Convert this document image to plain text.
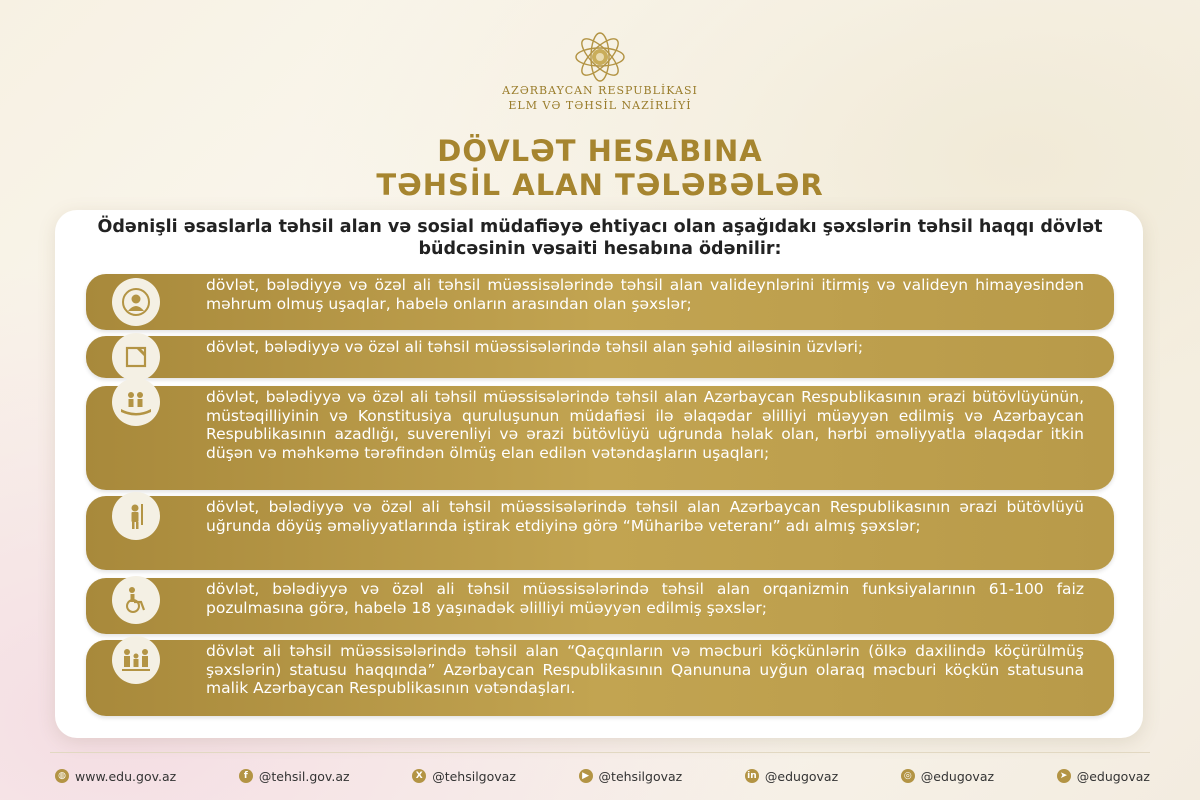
AZƏRBAYCAN RESPUBLİKASI
ELM VƏ TƏHSİL NAZİRLİYİ
DÖVLƏT HESABINA
TƏHSİL ALAN TƏLƏBƏLƏR
Ödənişli əsaslarla təhsil alan və sosial müdafiəyə ehtiyacı olan aşağıdakı şəxslərin təhsil haqqı dövlət büdcəsinin vəsaiti hesabına ödənilir:
dövlət, bələdiyyə və özəl ali təhsil müəssisələrində təhsil alan valideynlərini itirmiş və valideyn himayəsindən məhrum olmuş uşaqlar, habelə onların arasından olan şəxslər;
dövlət, bələdiyyə və özəl ali təhsil müəssisələrində təhsil alan şəhid ailəsinin üzvləri;
dövlət, bələdiyyə və özəl ali təhsil müəssisələrində təhsil alan Azərbaycan Respublikasının ərazi bütövlüyünün, müstəqilliyinin və Konstitusiya quruluşunun müdafiəsi ilə əlaqədar əlilliyi müəyyən edilmiş və Azərbaycan Respublikasının azadlığı, suverenliyi və ərazi bütövlüyü uğrunda həlak olan, hərbi əməliyyatla əlaqədar itkin düşən və məhkəmə tərəfindən ölmüş elan edilən vətəndaşların uşaqları;
dövlət, bələdiyyə və özəl ali təhsil müəssisələrində təhsil alan Azərbaycan Respublikasının ərazi bütövlüyü uğrunda döyüş əməliyyatlarında iştirak etdiyinə görə “Müharibə veteranı” adı almış şəxslər;
dövlət, bələdiyyə və özəl ali təhsil müəssisələrində təhsil alan orqanizmin funksiyalarının 61-100 faiz pozulmasına görə, habelə 18 yaşınadək əlilliyi müəyyən edilmiş şəxslər;
dövlət ali təhsil müəssisələrində təhsil alan “Qaçqınların və məcburi köçkünlərin (ölkə daxilində köçürülmüş şəxslərin) statusu haqqında” Azərbaycan Respublikasının Qanununa uyğun olaraq məcburi köçkün statusuna malik Azərbaycan Respublikasının vətəndaşları.
◍ www.edu.gov.az	f @tehsil.gov.az	X @tehsilgovaz	▶ @tehsilgovaz	in @edugovaz	◎ @edugovaz	➤ @edugovaz
